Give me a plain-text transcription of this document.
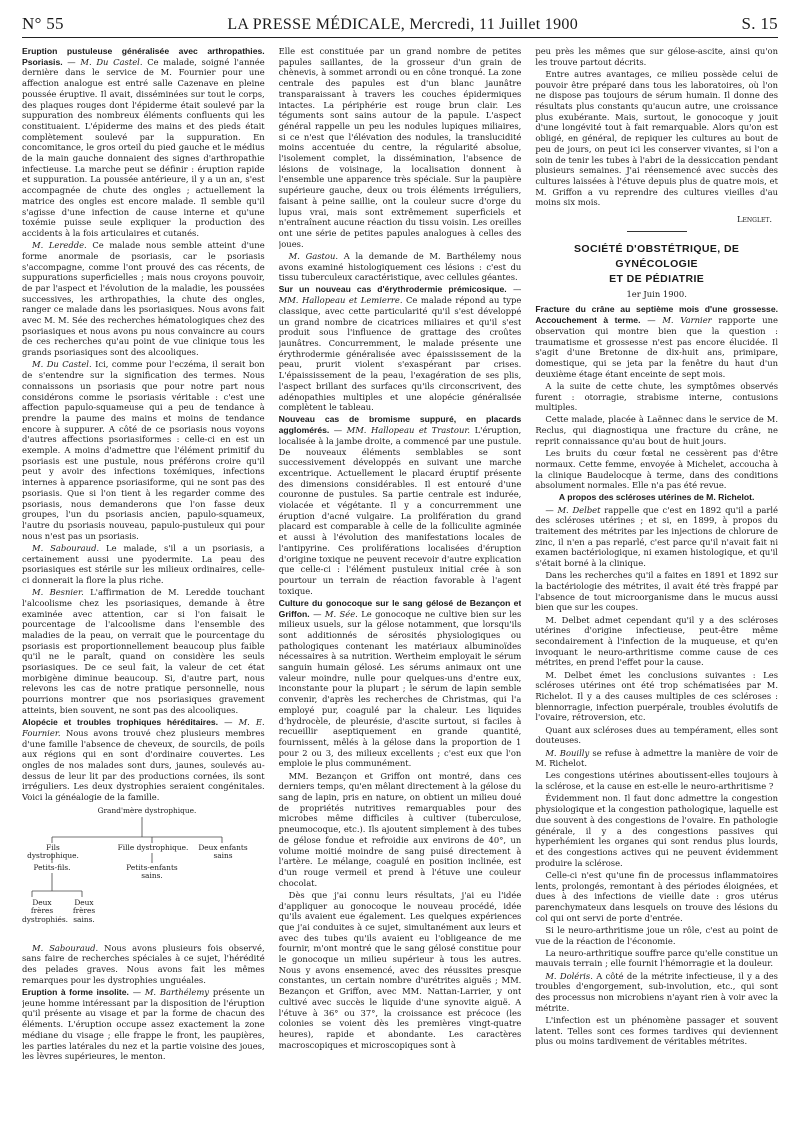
N° 55	LA PRESSE MÉDICALE, Mercredi, 11 Juillet 1900	S. 15

Eruption pustuleuse généralisée avec arthropathies. Psoriasis. — M. Du Castel. Ce malade, soigné l'année dernière dans le service de M. Fournier pour une affection analogue est entré salle Cazenave en pleine poussée éruptive. Il avait, disséminées sur tout le corps, des plaques rouges dont l'épiderme était soulevé par la suppuration des nombreux éléments confluents qui les constituaient. L'épiderme des mains et des pieds était complètement soulevé par la suppuration. En concomitance, le gros orteil du pied gauche et le médius de la main gauche donnaient des signes d'arthropathie infectieuse. La marche peut se définir : éruption rapide et suppuration. La poussée antérieure, il y a un an, s'est accompagnée de chute des ongles ; actuellement la matrice des ongles est encore malade. Il semble qu'il s'agisse d'une infection de cause interne et qu'une toxémie puisse seule expliquer la production des accidents à la fois articulaires et cutanés.

M. Leredde. Ce malade nous semble atteint d'une forme anormale de psoriasis, car le psoriasis s'accompagne, comme l'ont prouvé des cas récents, de suppurations superficielles ; mais nous croyons pouvoir, de par l'aspect et l'évolution de la maladie, les poussées successives, les arthropathies, la chute des ongles, ranger ce malade dans les psoriasiques. Nous avons fait avec M. M. Sée des recherches hématologiques chez des psoriasiques et nous avons pu nous convaincre au cours de ces recherches qu'au point de vue clinique tous les grands psoriasiques sont des alcooliques.

M. Du Castel. Ici, comme pour l'eczéma, il serait bon de s'entendre sur la signification des termes. Nous connaissons un psoriasis que pour notre part nous considérons comme le psoriasis véritable : c'est une affection papulo-squameuse qui a peu de tendance à prendre la paume des mains et moins de tendance encore à suppurer. A côté de ce psoriasis nous voyons d'autres affections psoriasiformes : celle-ci en est un exemple. A moins d'admettre que l'élément primitif du psoriasis est une pustule, nous préférons croire qu'il peut y avoir des infections toxémiques, infections internes à apparence psoriasiforme, qui ne sont pas des psoriasis. Que si l'on tient à les regarder comme des psoriasis, nous demanderons que l'on fasse deux groupes, l'un du psoriasis ancien, papulo-squameux, l'autre du psoriasis nouveau, papulo-pustuleux qui pour nous n'est pas un psoriasis.

M. Sabouraud. Le malade, s'il a un psoriasis, a certainement aussi une pyodermite. La peau des psoriasiques est stérile sur les milieux ordinaires, celle-ci donnerait la flore la plus riche.

M. Besnier. L'affirmation de M. Leredde touchant l'alcoolisme chez les psoriasiques, demande à être examinée avec attention, car si l'on faisait le pourcentage de l'alcoolisme dans l'ensemble des maladies de la peau, on verrait que le pourcentage du psoriasis est proportionnellement beaucoup plus faible qu'il ne le paraît, quand on considère les seuls psoriasiques. De ce seul fait, la valeur de cet état morbigène diminue beaucoup. Si, d'autre part, nous relevons les cas de notre pratique personnelle, nous pourrions montrer que nos psoriasiques gravement atteints, bien souvent, ne sont pas des alcooliques.

Alopécie et troubles trophiques héréditaires. — M. E. Fournier. Nous avons trouvé chez plusieurs membres d'une famille l'absence de cheveux, de sourcils, de poils aux régions qui en sont d'ordinaire couvertes. Les ongles de nos malades sont durs, jaunes, soulevés au-dessus de leur lit par des productions cornées, ils sont irréguliers. Les deux dystrophies seraient congénitales. Voici la généalogie de la famille.

Grand'mère dystrophique.
Fils dystrophique.
Fille dystrophique.	Deux enfants sains
Petits-fils.	Petits-enfants sains.
Deux frères dystrophiés.
Deux frères sains.

M. Sabouraud. Nous avons plusieurs fois observé, sans faire de recherches spéciales à ce sujet, l'hérédité des pelades graves. Nous avons fait les mêmes remarques pour les dystrophies unguéales.

Eruption à forme insolite. — M. Barthélemy présente un jeune homme intéressant par la disposition de l'éruption qu'il présente au visage et par la forme de chacun des éléments. L'éruption occupe assez exactement la zone médiane du visage ; elle frappe le front, les paupières, les parties latérales du nez et la partie voisine des joues, les lèvres supérieures, le menton.

Elle est constituée par un grand nombre de petites papules saillantes, de la grosseur d'un grain de chènevis, à sommet arrondi ou en cône tronqué. La zone centrale des papules est d'un blanc jaunâtre transparaissant à travers les couches épidermiques intactes. La périphérie est rouge brun clair. Les téguments sont sains autour de la papule. L'aspect général rappelle un peu les nodules lupiques miliaires, si ce n'est que l'élévation des nodules, la translucidité moins accentuée du centre, la régularité absolue, l'isolement complet, la dissémination, l'absence de lésions de voisinage, la localisation donnent à l'ensemble une apparence très spéciale. Sur la paupière supérieure gauche, deux ou trois éléments irréguliers, faisant à peine saillie, ont la couleur sucre d'orge du lupus vrai, mais sont extrêmement superficiels et n'entraînent aucune réaction du tissu voisin. Les oreilles ont une série de petites papules analogues à celles des joues.

M. Gastou. A la demande de M. Barthélemy nous avons examiné histologiquement ces lésions : c'est du tissu tuberculeux caractéristique, avec cellules géantes.

Sur un nouveau cas d'érythrodermie prémicosique. — MM. Hallopeau et Lemierre. Ce malade répond au type classique, avec cette particularité qu'il s'est développé un grand nombre de cicatrices miliaires et qu'il s'est produit sous l'influence de grattage des croûtes jaunâtres. Concurremment, le malade présente une érythrodermie généralisée avec épaississement de la peau, prurit violent s'exaspérant par crises. L'épaississement de la peau, l'exagération de ses plis, l'aspect brillant des surfaces qu'ils circonscrivent, des adénopathies multiples et une alopécie généralisée complètent le tableau.

Nouveau cas de bromisme suppuré, en placards agglomérés. — MM. Hallopeau et Trastour. L'éruption, localisée à la jambe droite, a commencé par une pustule. De nouveaux éléments semblables se sont successivement développés en suivant une marche excentrique. Actuellement le placard éruptif présente des dimensions considérables. Il est entouré d'une couronne de pustules. Sa partie centrale est indurée, violacée et végétante. Il y a concurremment une éruption d'acné vulgaire. La prolifération du grand placard est comparable à celle de la folliculite agminée et aussi à l'évolution des manifestations locales de l'antipyrine. Ces proliférations localisées d'éruption d'origine toxique ne peuvent recevoir d'autre explication que celle-ci : l'élément pustuleux initial crée à son pourtour un terrain de réaction favorable à l'agent toxique.

Culture du gonocoque sur le sang gélosé de Bezançon et Griffon. — M. Sée. Le gonocoque ne cultive bien sur les milieux usuels, sur la gélose notamment, que lorsqu'ils sont additionnés de sérosités physiologiques ou pathologiques contenant les matériaux albuminoïdes nécessaires à sa nutrition. Wertheim employait le sérum sanguin humain gélosé. Les sérums animaux ont une valeur moindre, nulle pour quelques-uns d'entre eux, inconstante pour la plupart ; le sérum de lapin semble convenir, d'après les recherches de Christmas, qui l'a employé pur, coagulé par la chaleur. Les liquides d'hydrocèle, de pleurésie, d'ascite surtout, si faciles à recueillir aseptiquement en grande quantité, fournissent, mêlés à la gélose dans la proportion de 1 pour 2 ou 3, des milieux excellents ; c'est eux que l'on emploie le plus communément.

MM. Bezançon et Griffon ont montré, dans ces derniers temps, qu'en mêlant directement à la gélose du sang de lapin, pris en nature, on obtient un milieu doué de propriétés nutritives remarquables pour des microbes même difficiles à cultiver (tuberculose, pneumocoque, etc.). Ils ajoutent simplement à des tubes de gélose fondue et refroidie aux environs de 40°, un volume moitié moindre de sang puisé directement à l'artère. Le mélange, coagulé en position inclinée, est d'un rouge vermeil et prend à l'étuve une couleur chocolat.

Dès que j'ai connu leurs résultats, j'ai eu l'idée d'appliquer au gonocoque le nouveau procédé, idée qu'ils avaient eue également. Les quelques expériences que j'ai conduites à ce sujet, simultanément aux leurs et avec des tubes qu'ils avaient eu l'obligeance de me fournir, m'ont montré que le sang gélosé constitue pour le gonocoque un milieu supérieur à tous les autres. Nous y avons ensemencé, avec des réussites presque constantes, un certain nombre d'urétrites aiguës ; MM. Bezançon et Griffon, avec MM. Nattan-Larrier, y ont cultivé avec succès le liquide d'une synovite aiguë. A l'étuve à 36° ou 37°, la croissance est précoce (les colonies se voient dès les premières vingt-quatre heures), rapide et abondante. Les caractères macroscopiques et microscopiques sont à

peu près les mêmes que sur gélose-ascite, ainsi qu'on les trouve partout décrits.

Entre autres avantages, ce milieu possède celui de pouvoir être préparé dans tous les laboratoires, où l'on ne dispose pas toujours de sérum humain. Il donne des résultats plus constants qu'aucun autre, une croissance plus exubérante. Mais, surtout, le gonocoque y jouit d'une longévité tout à fait remarquable. Alors qu'on est obligé, en général, de repiquer les cultures au bout de peu de jours, on peut ici les conserver vivantes, si l'on a soin de tenir les tubes à l'abri de la dessiccation pendant plusieurs semaines. J'ai réensemencé avec succès des cultures laissées à l'étuve depuis plus de quatre mois, et M. Griffon a vu reprendre des cultures vieilles d'au moins six mois.

Lenglet.
SOCIÉTÉ D'OBSTÉTRIQUE, DE GYNÉCOLOGIE
ET DE PÉDIATRIE
1er Juin 1900.

Fracture du crâne au septième mois d'une grossesse. Accouchement à terme. — M. Varnier rapporte une observation qui montre bien que la question : traumatisme et grossesse n'est pas encore élucidée. Il s'agit d'une Bretonne de dix-huit ans, primipare, domestique, qui se jeta par la fenêtre du haut d'un deuxième étage étant enceinte de sept mois.

A la suite de cette chute, les symptômes observés furent : otorragie, strabisme interne, contusions multiples.

Cette malade, placée à Laënnec dans le service de M. Reclus, qui diagnostiqua une fracture du crâne, ne reprit connaissance qu'au bout de huit jours.

Les bruits du cœur fœtal ne cessèrent pas d'être normaux. Cette femme, envoyée à Michelet, accoucha à la clinique Baudelocque à terme, dans des conditions absolument normales. Elle n'a pas été revue.

A propos des scléroses utérines de M. Richelot.

— M. Delbet rappelle que c'est en 1892 qu'il a parlé des scléroses utérines ; et si, en 1899, à propos du traitement des métrites par les injections de chlorure de zinc, il n'en a pas reparlé, c'est parce qu'il n'avait fait ni examen bactériologique, ni examen histologique, et qu'il s'était borné à la clinique.

Dans les recherches qu'il a faites en 1891 et 1892 sur la bactériologie des métrites, il avait été très frappé par l'absence de tout microorganisme dans le mucus aussi bien que sur les coupes.

M. Delbet admet cependant qu'il y a des scléroses utérines d'origine infectieuse, peut-être même secondairement à l'infection de la muqueuse, et qu'en invoquant le neuro-arthritisme comme cause de ces métrites, en prend l'effet pour la cause.

M. Delbet émet les conclusions suivantes : Les scléroses utérines ont été trop schématisées par M. Richelot. Il y a des causes multiples de ces scléroses : blennorragie, infection puerpérale, troubles évolutifs de l'ovaire, rétroversion, etc.

Quant aux scléroses dues au tempérament, elles sont douteuses.

M. Bouilly se refuse à admettre la manière de voir de M. Richelot.

Les congestions utérines aboutissent-elles toujours à la sclérose, et la cause en est-elle le neuro-arthritisme ?

Évidemment non. Il faut donc admettre la congestion physiologique et la congestion pathologique, laquelle est due souvent à des congestions de l'ovaire. En pathologie générale, il y a des congestions passives qui hyperhémient les organes qui sont rendus plus lourds, et des congestions actives qui ne peuvent évidemment produire la sclérose.

Celle-ci n'est qu'une fin de processus inflammatoires lents, prolongés, remontant à des périodes éloignées, et dues à des infections de vieille date : gros utérus parenchymateux dans lesquels on trouve des lésions du col qui ont servi de porte d'entrée.

Si le neuro-arthritisme joue un rôle, c'est au point de vue de la réaction de l'économie.

La neuro-arthritique souffre parce qu'elle constitue un mauvais terrain ; elle fournit l'hémorragie et la douleur.

M. Doléris. A côté de la métrite infectieuse, il y a des troubles d'engorgement, sub-involution, etc., qui sont des processus non microbiens n'ayant rien à voir avec la métrite.

L'infection est un phénomène passager et souvent latent. Telles sont ces formes tardives qui deviennent plus ou moins tardivement de véritables métrites.
